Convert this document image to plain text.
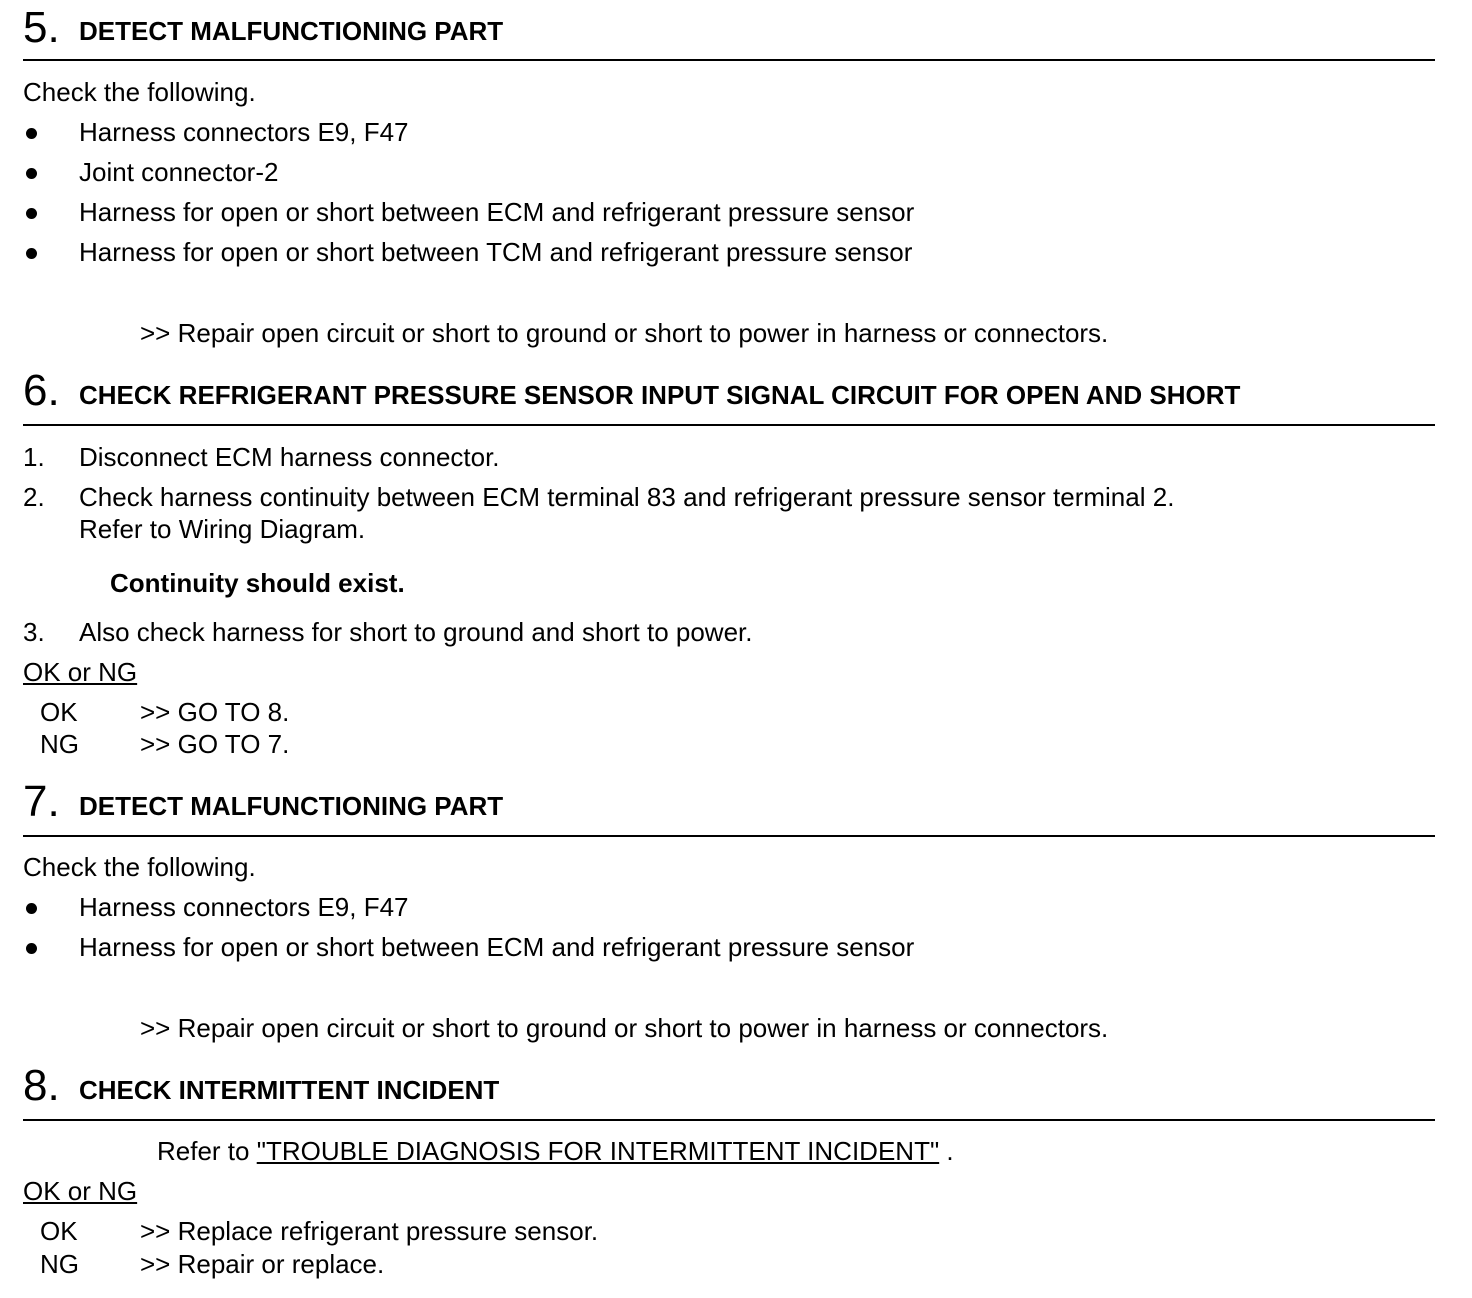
5. DETECT MALFUNCTIONING PART
Check the following.
Harness connectors E9, F47
Joint connector-2
Harness for open or short between ECM and refrigerant pressure sensor
Harness for open or short between TCM and refrigerant pressure sensor
>> Repair open circuit or short to ground or short to power in harness or connectors.
6. CHECK REFRIGERANT PRESSURE SENSOR INPUT SIGNAL CIRCUIT FOR OPEN AND SHORT
1. Disconnect ECM harness connector.
2. Check harness continuity between ECM terminal 83 and refrigerant pressure sensor terminal 2.
Refer to Wiring Diagram.
Continuity should exist.
3. Also check harness for short to ground and short to power.
OK or NG
OK >> GO TO 8.
NG >> GO TO 7.
7. DETECT MALFUNCTIONING PART
Check the following.
Harness connectors E9, F47
Harness for open or short between ECM and refrigerant pressure sensor
>> Repair open circuit or short to ground or short to power in harness or connectors.
8. CHECK INTERMITTENT INCIDENT
Refer to "TROUBLE DIAGNOSIS FOR INTERMITTENT INCIDENT" .
OK or NG
OK >> Replace refrigerant pressure sensor.
NG >> Repair or replace.
